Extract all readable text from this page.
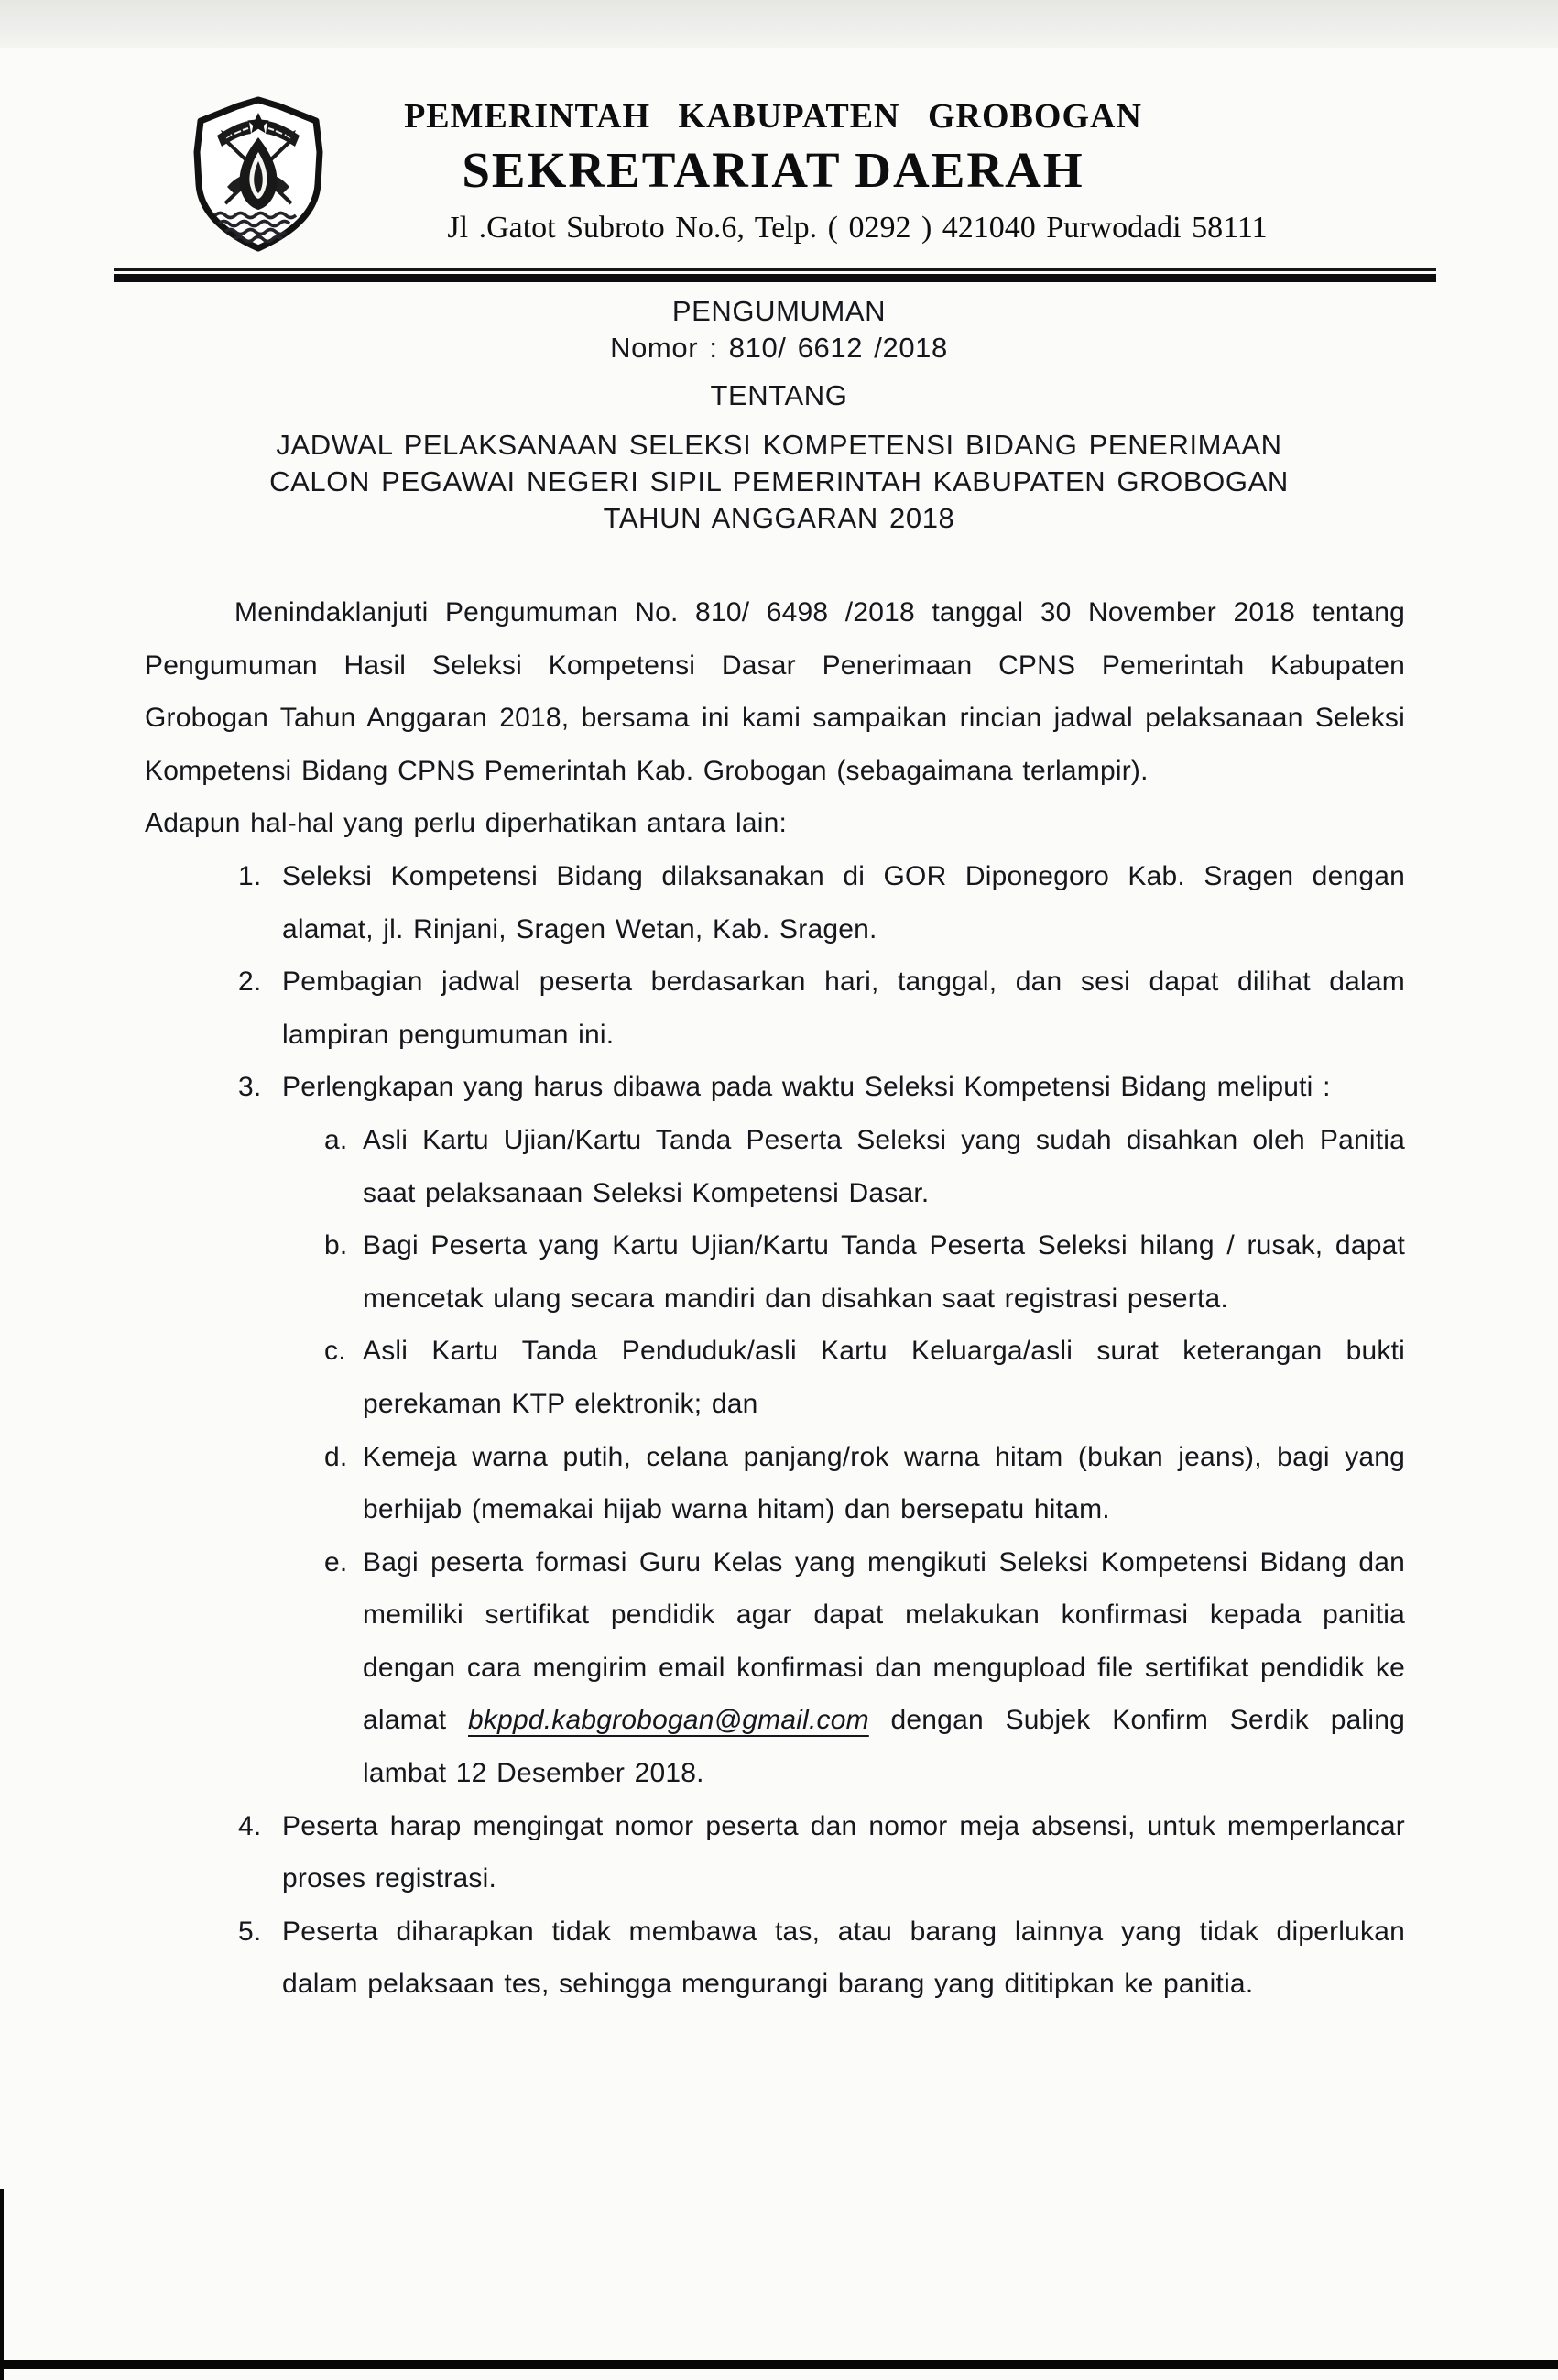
PEMERINTAH KABUPATEN GROBOGAN
SEKRETARIAT DAERAH
Jl .Gatot Subroto No.6, Telp. ( 0292 ) 421040 Purwodadi 58111

PENGUMUMAN

Nomor : 810/ 6612 /2018

TENTANG

JADWAL PELAKSANAAN SELEKSI KOMPETENSI BIDANG PENERIMAAN

CALON PEGAWAI NEGERI SIPIL PEMERINTAH KABUPATEN GROBOGAN

TAHUN ANGGARAN 2018

Menindaklanjuti Pengumuman No. 810/ 6498 /2018 tanggal 30 November 2018 tentang Pengumuman Hasil Seleksi Kompetensi Dasar Penerimaan CPNS Pemerintah Kabupaten Grobogan Tahun Anggaran 2018, bersama ini kami sampaikan rincian jadwal pelaksanaan Seleksi Kompetensi Bidang CPNS Pemerintah Kab. Grobogan (sebagaimana terlampir).

Adapun hal-hal yang perlu diperhatikan antara lain:

1. Seleksi Kompetensi Bidang dilaksanakan di GOR Diponegoro Kab. Sragen dengan alamat, jl. Rinjani, Sragen Wetan, Kab. Sragen.
2. Pembagian jadwal peserta berdasarkan hari, tanggal, dan sesi dapat dilihat dalam lampiran pengumuman ini.
3. Perlengkapan yang harus dibawa pada waktu Seleksi Kompetensi Bidang meliputi :
a. Asli Kartu Ujian/Kartu Tanda Peserta Seleksi yang sudah disahkan oleh Panitia saat pelaksanaan Seleksi Kompetensi Dasar.
b. Bagi Peserta yang Kartu Ujian/Kartu Tanda Peserta Seleksi hilang / rusak, dapat mencetak ulang secara mandiri dan disahkan saat registrasi peserta.
c. Asli Kartu Tanda Penduduk/asli Kartu Keluarga/asli surat keterangan bukti perekaman KTP elektronik; dan
d. Kemeja warna putih, celana panjang/rok warna hitam (bukan jeans), bagi yang berhijab (memakai hijab warna hitam) dan bersepatu hitam.
e. Bagi peserta formasi Guru Kelas yang mengikuti Seleksi Kompetensi Bidang dan memiliki sertifikat pendidik agar dapat melakukan konfirmasi kepada panitia dengan cara mengirim email konfirmasi dan mengupload file sertifikat pendidik ke alamat bkppd.kabgrobogan@gmail.com dengan Subjek Konfirm Serdik paling lambat 12 Desember 2018.
4. Peserta harap mengingat nomor peserta dan nomor meja absensi, untuk memperlancar proses registrasi.
5. Peserta diharapkan tidak membawa tas, atau barang lainnya yang tidak diperlukan dalam pelaksaan tes, sehingga mengurangi barang yang dititipkan ke panitia.
